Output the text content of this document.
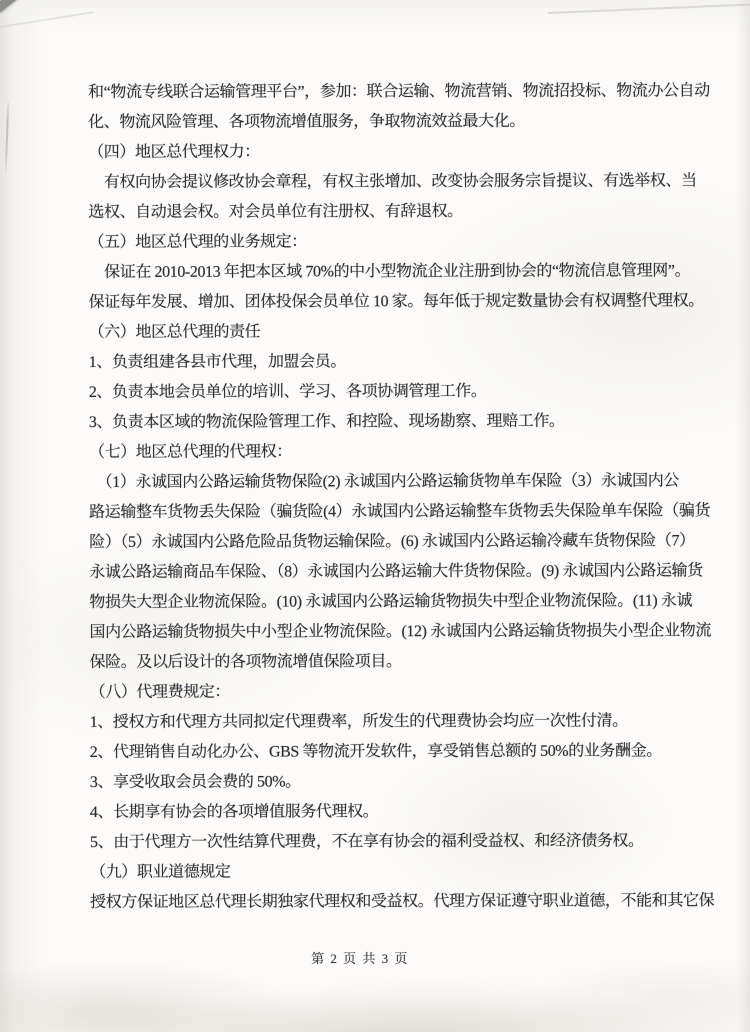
和“物流专线联合运输管理平台”，参加：联合运输、物流营销、物流招投标、物流办公自动
化、物流风险管理、各项物流增值服务，争取物流效益最大化。
（四）地区总代理权力：
　有权向协会提议修改协会章程，有权主张增加、改变协会服务宗旨提议、有选举权、当
选权、自动退会权。对会员单位有注册权、有辞退权。
（五）地区总代理的业务规定：
　保证在 2010-2013 年把本区域 70%的中小型物流企业注册到协会的“物流信息管理网”。
保证每年发展、增加、团体投保会员单位 10 家。每年低于规定数量协会有权调整代理权。
（六）地区总代理的责任
1、负责组建各县市代理，加盟会员。
2、负责本地会员单位的培训、学习、各项协调管理工作。
3、负责本区域的物流保险管理工作、和控险、现场勘察、理赔工作。
（七）地区总代理的代理权：
　（1）永诚国内公路运输货物保险(2) 永诚国内公路运输货物单车保险（3）永诚国内公
路运输整车货物丢失保险（骗货险(4）永诚国内公路运输整车货物丢失保险单车保险（骗货
险）（5）永诚国内公路危险品货物运输保险。(6) 永诚国内公路运输冷藏车货物保险（7）
永诚公路运输商品车保险、（8）永诚国内公路运输大件货物保险。(9) 永诚国内公路运输货
物损失大型企业物流保险。(10) 永诚国内公路运输货物损失中型企业物流保险。(11) 永诚
国内公路运输货物损失中小型企业物流保险。(12) 永诚国内公路运输货物损失小型企业物流
保险。及以后设计的各项物流增值保险项目。
（八）代理费规定：
1、授权方和代理方共同拟定代理费率，所发生的代理费协会均应一次性付清。
2、代理销售自动化办公、GBS 等物流开发软件，享受销售总额的 50%的业务酬金。
3、享受收取会员会费的 50%。
4、长期享有协会的各项增值服务代理权。
5、由于代理方一次性结算代理费，不在享有协会的福利受益权、和经济债务权。
（九）职业道德规定
授权方保证地区总代理长期独家代理权和受益权。代理方保证遵守职业道德，不能和其它保
第 2 页 共 3 页
